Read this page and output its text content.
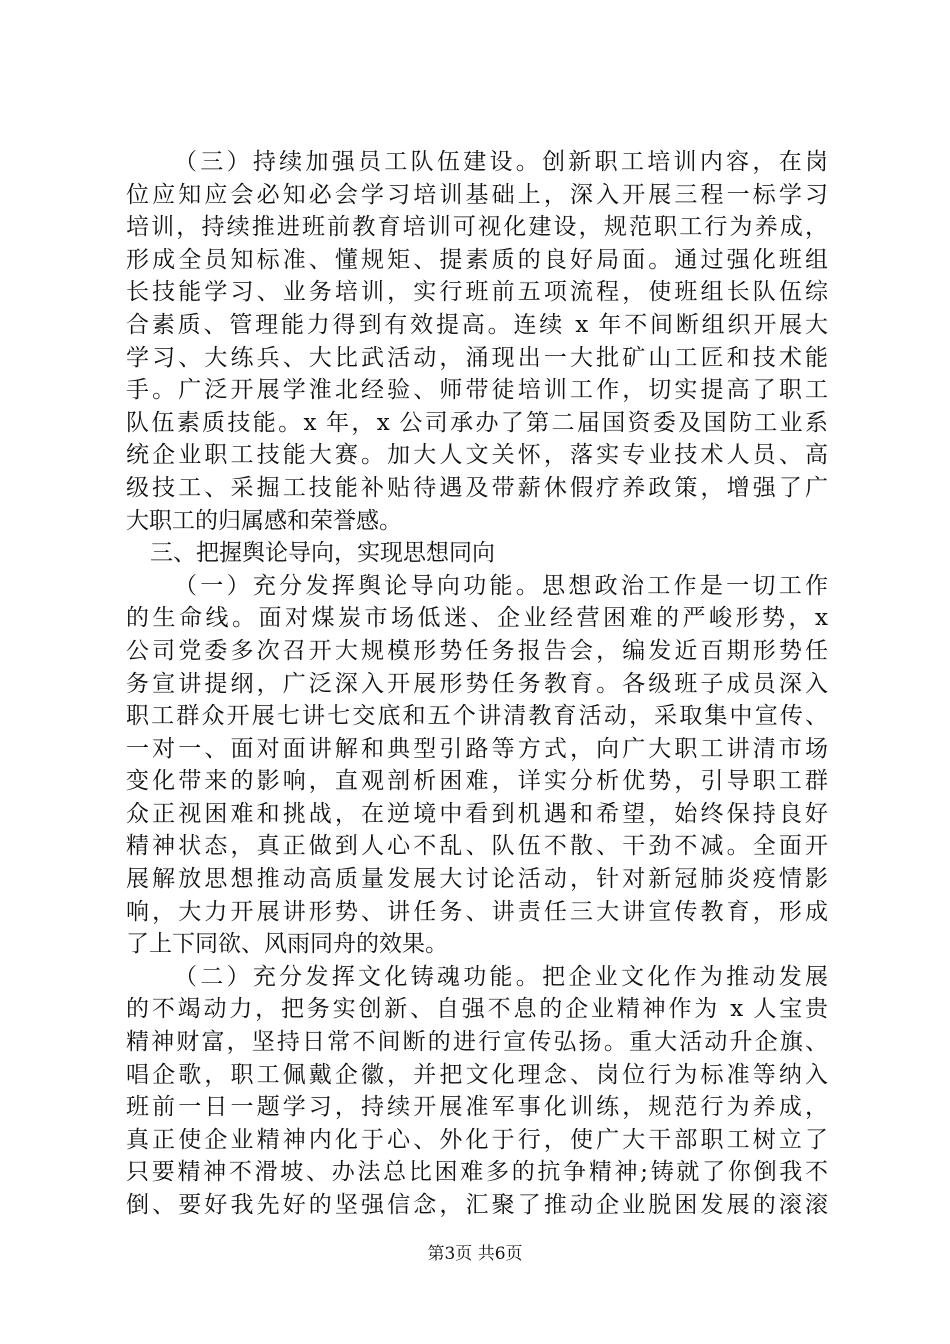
（三）持续加强员工队伍建设。创新职工培训内容，在岗
位应知应会必知必会学习培训基础上，深入开展三程一标学习
培训，持续推进班前教育培训可视化建设，规范职工行为养成，
形成全员知标准、懂规矩、提素质的良好局面。通过强化班组
长技能学习、业务培训，实行班前五项流程，使班组长队伍综
合素质、管理能力得到有效提高。连续 x 年不间断组织开展大
学习、大练兵、大比武活动，涌现出一大批矿山工匠和技术能
手。广泛开展学淮北经验、师带徒培训工作，切实提高了职工
队伍素质技能。x 年，x 公司承办了第二届国资委及国防工业系
统企业职工技能大赛。加大人文关怀，落实专业技术人员、高
级技工、采掘工技能补贴待遇及带薪休假疗养政策，增强了广
大职工的归属感和荣誉感。
三、把握舆论导向，实现思想同向
（一）充分发挥舆论导向功能。思想政治工作是一切工作
的生命线。面对煤炭市场低迷、企业经营困难的严峻形势，x
公司党委多次召开大规模形势任务报告会，编发近百期形势任
务宣讲提纲，广泛深入开展形势任务教育。各级班子成员深入
职工群众开展七讲七交底和五个讲清教育活动，采取集中宣传、
一对一、面对面讲解和典型引路等方式，向广大职工讲清市场
变化带来的影响，直观剖析困难，详实分析优势，引导职工群
众正视困难和挑战，在逆境中看到机遇和希望，始终保持良好
精神状态，真正做到人心不乱、队伍不散、干劲不减。全面开
展解放思想推动高质量发展大讨论活动，针对新冠肺炎疫情影
响，大力开展讲形势、讲任务、讲责任三大讲宣传教育，形成
了上下同欲、风雨同舟的效果。
（二）充分发挥文化铸魂功能。把企业文化作为推动发展
的不竭动力，把务实创新、自强不息的企业精神作为 x 人宝贵
精神财富，坚持日常不间断的进行宣传弘扬。重大活动升企旗、
唱企歌，职工佩戴企徽，并把文化理念、岗位行为标准等纳入
班前一日一题学习，持续开展准军事化训练，规范行为养成，
真正使企业精神内化于心、外化于行，使广大干部职工树立了
只要精神不滑坡、办法总比困难多的抗争精神;铸就了你倒我不
倒、要好我先好的坚强信念，汇聚了推动企业脱困发展的滚滚
第3页 共6页
